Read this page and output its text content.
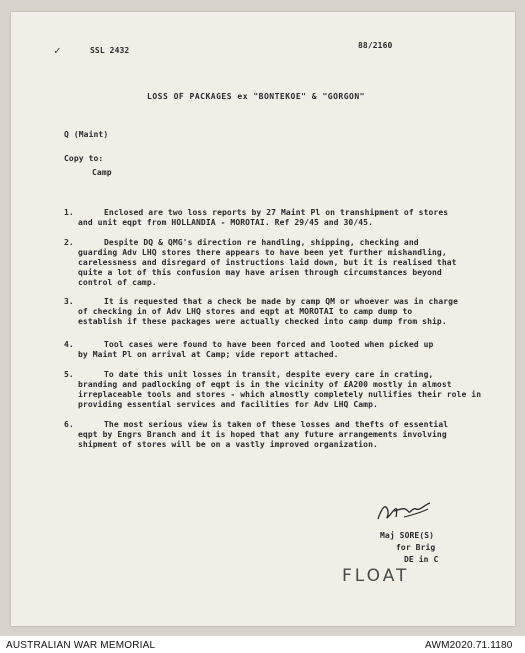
✓	SSL 2432
88/2160
LOSS OF PACKAGES ex "BONTEKOE" & "GORGON"
Q (Maint)
Copy to:
Camp
1.	Enclosed are two loss reports by 27 Maint Pl on transhipment of stores
and unit eqpt from HOLLANDIA - MOROTAI. Ref 29/45 and 30/45.
2.	Despite DQ & QMG's direction re handling, shipping, checking and
guarding Adv LHQ stores there appears to have been yet further mishandling,
carelessness and disregard of instructions laid down, but it is realised that
quite a lot of this confusion may have arisen through circumstances beyond
control of camp.
3.	It is requested that a check be made by camp QM or whoever was in charge
of checking in of Adv LHQ stores and eqpt at MOROTAI to camp dump to
establish if these packages were actually checked into camp dump from ship.
4.	Tool cases were found to have been forced and looted when picked up
by Maint Pl on arrival at Camp; vide report attached.
5.	To date this unit losses in transit, despite every care in crating,
branding and padlocking of eqpt is in the vicinity of £A200 mostly in almost
irreplaceable tools and stores - which almostly completely nullifies their role in
providing essential services and facilities for Adv LHQ Camp.
6.	The most serious view is taken of these losses and thefts of essential
eqpt by Engrs Branch and it is hoped that any future arrangements involving
shipment of stores will be on a vastly improved organization.
Maj SORE(S)
for Brig
DE in C
FLOAT
AUSTRALIAN WAR MEMORIAL	AWM2020.71.1180
